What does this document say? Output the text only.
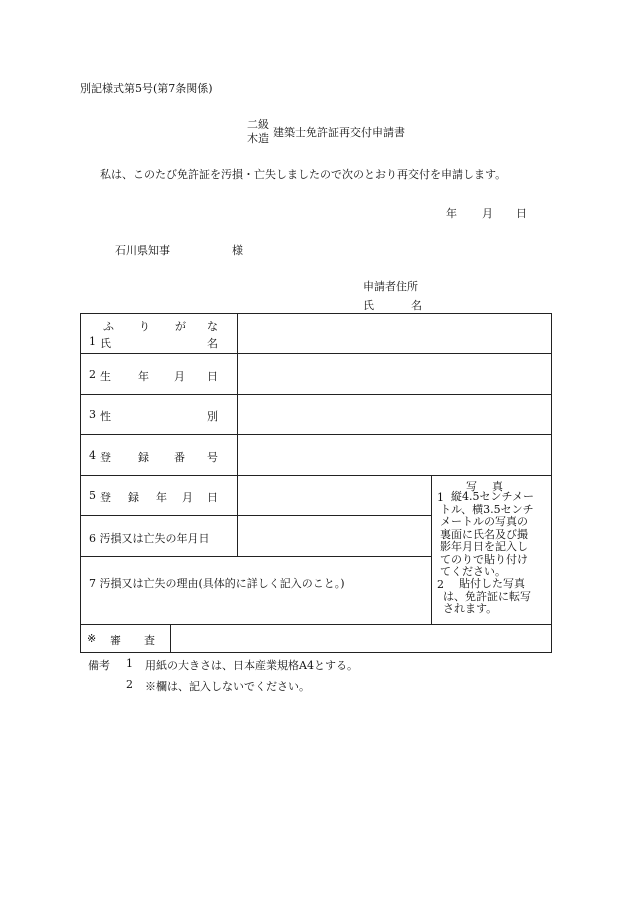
別記様式第5号(第7条関係)
二級
木造 建築士免許証再交付申請書
私は、このたび免許証を汚損・亡失しましたので次のとおり再交付を申請します。
年 月 日
石川県知事	様
申請者住所
氏	名
ふ り が な
1 氏	名
2 生 年 月 日
3 性	別
4 登 録 番 号
5 登 録 年 月 日
6 汚損又は亡失の年月日
7 汚損又は亡失の理由(具体的に詳しく記入のこと。)
写　真
1 縦4.5センチメー
トル、横3.5センチ
メートルの写真の
裏面に氏名及び撮
影年月日を記入し
てのりで貼り付け
てください。
2 貼付した写真
は、免許証に転写
されます。
※ 審 査
備考 1 用紙の大きさは、日本産業規格A4とする。
2 ※欄は、記入しないでください。
